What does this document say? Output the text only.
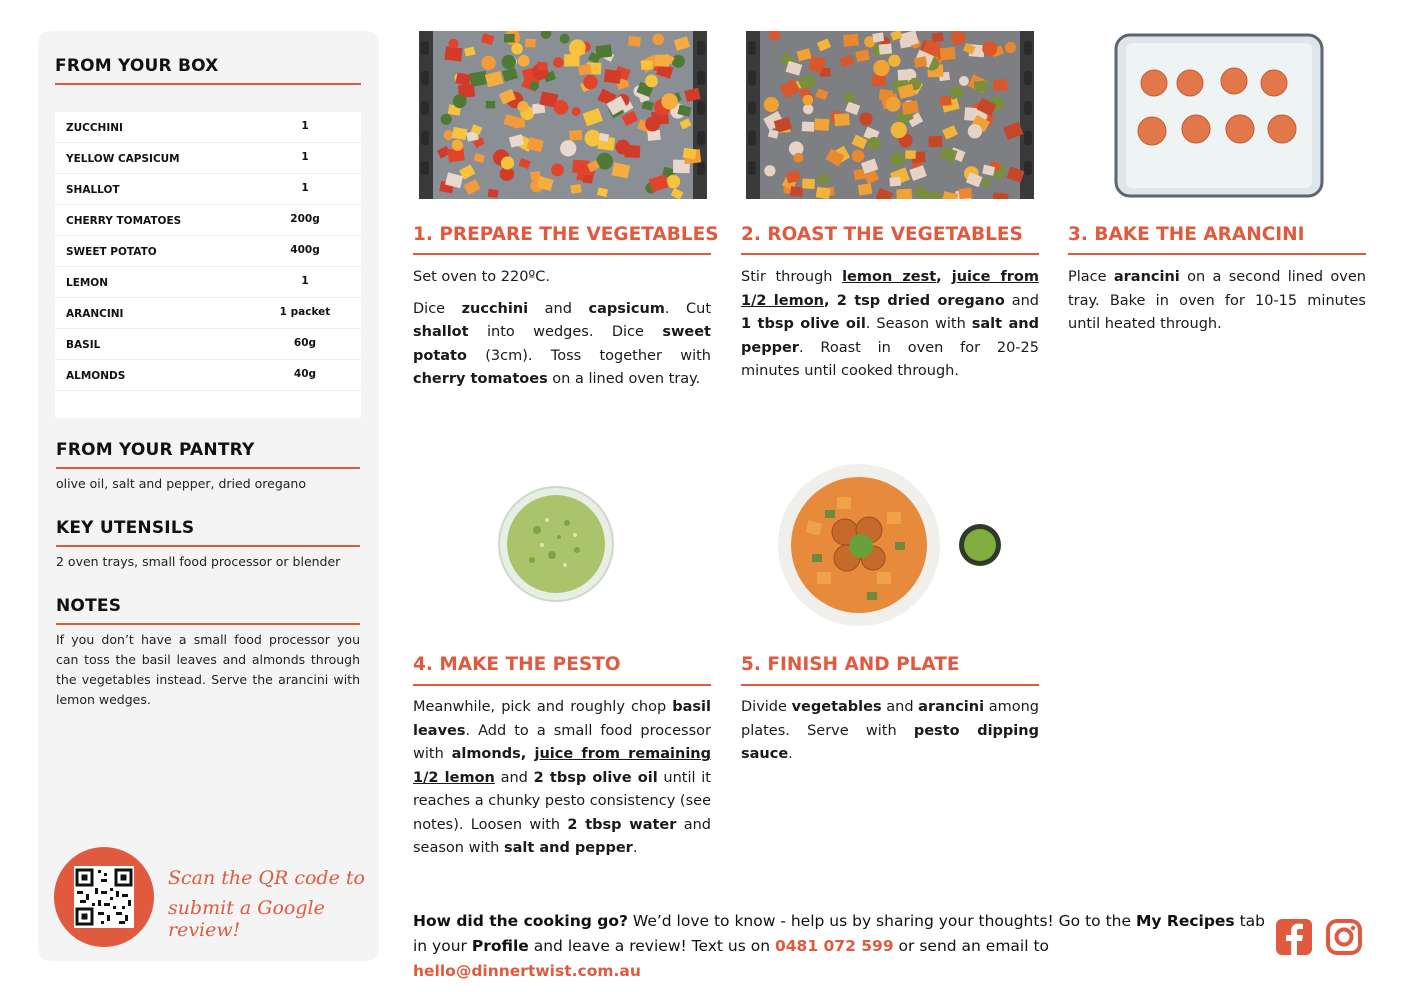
FROM YOUR BOX
ZUCCHINI	1
YELLOW CAPSICUM	1
SHALLOT	1
CHERRY TOMATOES	200g
SWEET POTATO	400g
LEMON	1
ARANCINI	1 packet
BASIL	60g
ALMONDS	40g
FROM YOUR PANTRY
olive oil, salt and pepper, dried oregano
KEY UTENSILS
2 oven trays, small food processor or blender
NOTES
If you don’t have a small food processor you can toss the basil leaves and almonds through the vegetables instead. Serve the arancini with lemon wedges.
Scan the QR code to
submit a Google review!
1. PREPARE THE VEGETABLES

Set oven to 220ºC.

Dice zucchini and capsicum. Cut shallot into wedges. Dice sweet potato (3cm). Toss together with cherry tomatoes on a lined oven tray.

2. ROAST THE VEGETABLES

Stir through lemon zest, juice from 1/2 lemon, 2 tsp dried oregano and 1 tbsp olive oil. Season with salt and pepper. Roast in oven for 20-25 minutes until cooked through.

3. BAKE THE ARANCINI

Place arancini on a second lined oven tray. Bake in oven for 10-15 minutes until heated through.

4. MAKE THE PESTO

Meanwhile, pick and roughly chop basil leaves. Add to a small food processor with almonds, juice from remaining 1/2 lemon and 2 tbsp olive oil until it reaches a chunky pesto consistency (see notes). Loosen with 2 tbsp water and season with salt and pepper.

5. FINISH AND PLATE

Divide vegetables and arancini among plates. Serve with pesto dipping sauce.

How did the cooking go? We’d love to know - help us by sharing your thoughts! Go to the My Recipes tab in your Profile and leave a review! Text us on 0481 072 599 or send an email to hello@dinnertwist.com.au
